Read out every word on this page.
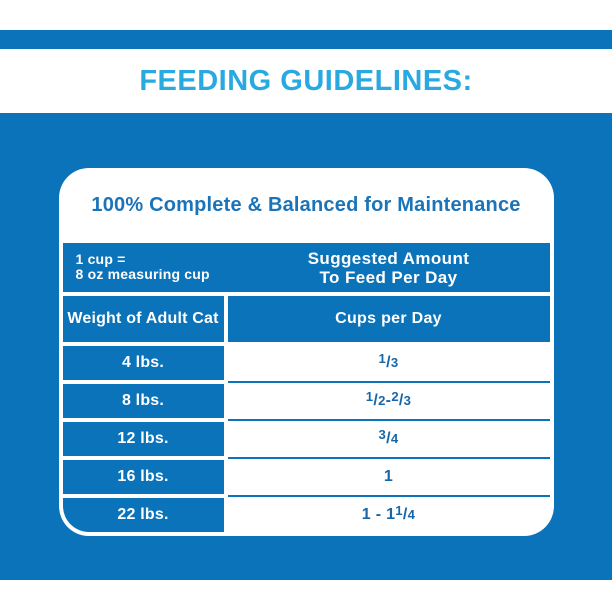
FEEDING GUIDELINES:
100% Complete & Balanced for Maintenance
1 cup =
8 oz measuring cup
Suggested Amount
To Feed Per Day
Weight of Adult Cat	Cups per Day
4 lbs.	$^1$/3
8 lbs.	$^1$/2 - $^2$/3
12 lbs.	$^3$/4
16 lbs.	1
22 lbs.	1 - 1 $^1$/4
